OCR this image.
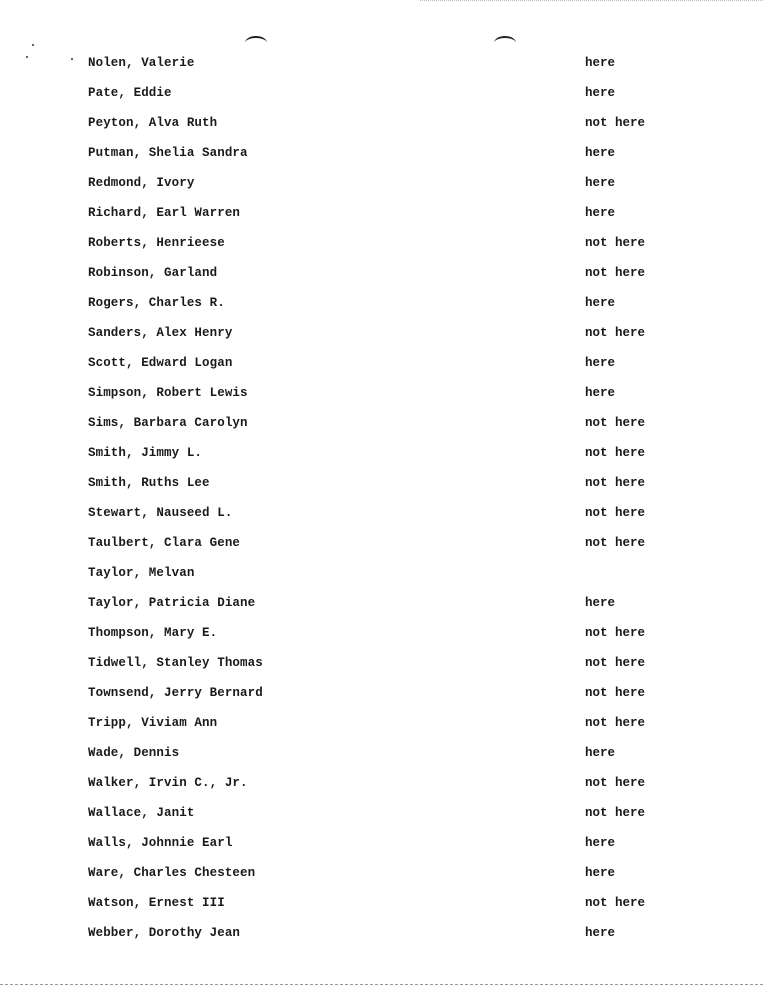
Nolen, Valerie	here
Pate, Eddie	here
Peyton, Alva Ruth	not here
Putman, Shelia Sandra	here
Redmond, Ivory	here
Richard, Earl Warren	here
Roberts, Henrieese	not here
Robinson, Garland	not here
Rogers, Charles R.	here
Sanders, Alex Henry	not here
Scott, Edward Logan	here
Simpson, Robert Lewis	here
Sims, Barbara Carolyn	not here
Smith, Jimmy L.	not here
Smith, Ruths Lee	not here
Stewart, Nauseed L.	not here
Taulbert, Clara Gene	not here
Taylor, Melvan
Taylor, Patricia Diane	here
Thompson, Mary E.	not here
Tidwell, Stanley Thomas	not here
Townsend, Jerry Bernard	not here
Tripp, Viviam Ann	not here
Wade, Dennis	here
Walker, Irvin C., Jr.	not here
Wallace, Janit	not here
Walls, Johnnie Earl	here
Ware, Charles Chesteen	here
Watson, Ernest III	not here
Webber, Dorothy Jean	here
